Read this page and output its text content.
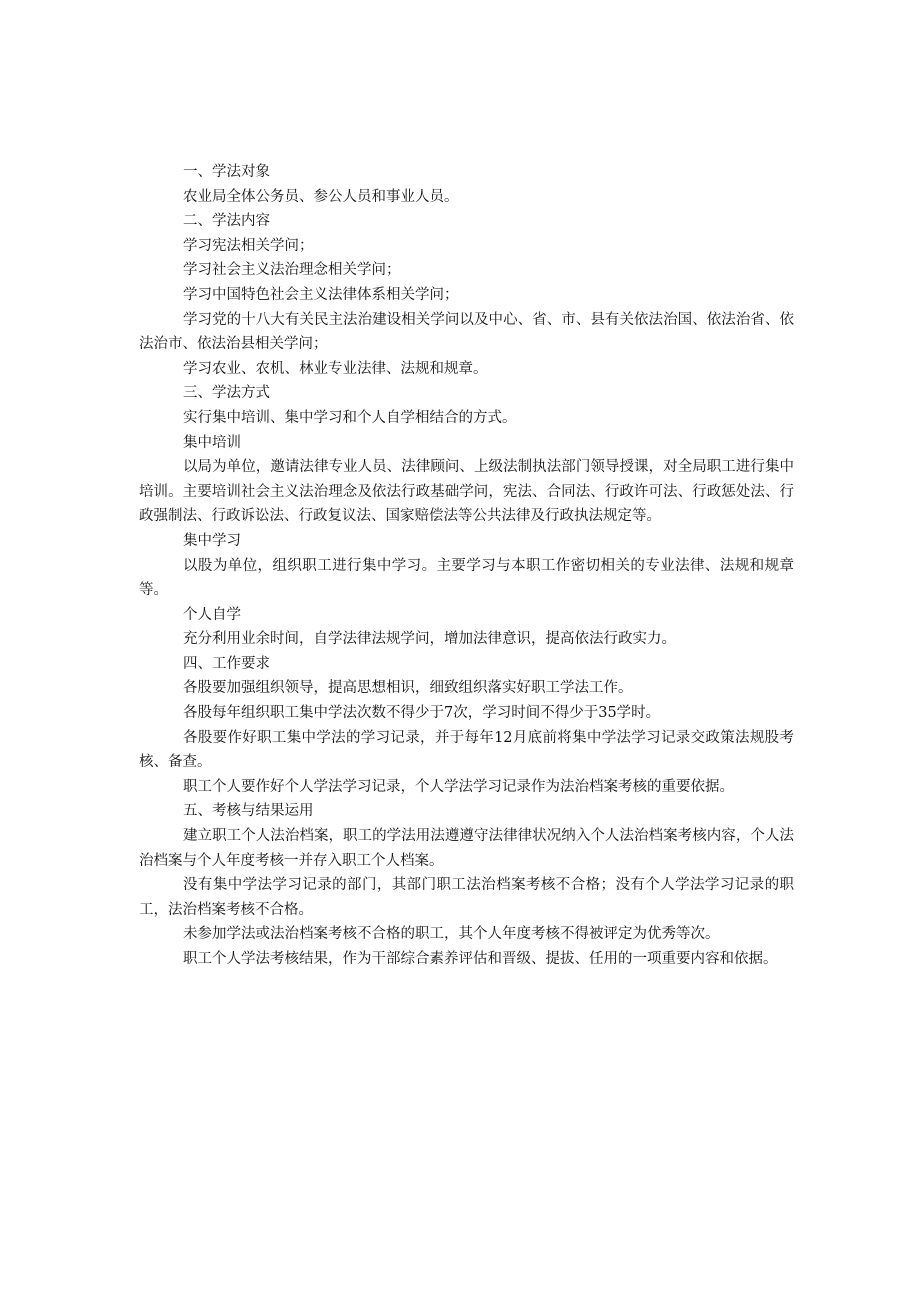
一、学法对象

农业局全体公务员、参公人员和事业人员。

二、学法内容

学习宪法相关学问；

学习社会主义法治理念相关学问；

学习中国特色社会主义法律体系相关学问；

学习党的十八大有关民主法治建设相关学问以及中心、省、市、县有关依法治国、依法治省、依法治市、依法治县相关学问；

学习农业、农机、林业专业法律、法规和规章。

三、学法方式

实行集中培训、集中学习和个人自学相结合的方式。

集中培训

以局为单位，邀请法律专业人员、法律顾问、上级法制执法部门领导授课，对全局职工进行集中培训。主要培训社会主义法治理念及依法行政基础学问，宪法、合同法、行政许可法、行政惩处法、行政强制法、行政诉讼法、行政复议法、国家赔偿法等公共法律及行政执法规定等。

集中学习

以股为单位，组织职工进行集中学习。主要学习与本职工作密切相关的专业法律、法规和规章等。

个人自学

充分利用业余时间，自学法律法规学问，增加法律意识，提高依法行政实力。

四、工作要求

各股要加强组织领导，提高思想相识，细致组织落实好职工学法工作。

各股每年组织职工集中学法次数不得少于7次，学习时间不得少于35学时。

各股要作好职工集中学法的学习记录，并于每年12月底前将集中学法学习记录交政策法规股考核、备查。

职工个人要作好个人学法学习记录，个人学法学习记录作为法治档案考核的重要依据。

五、考核与结果运用

建立职工个人法治档案，职工的学法用法遵遵守法律律状况纳入个人法治档案考核内容，个人法治档案与个人年度考核一并存入职工个人档案。

没有集中学法学习记录的部门，其部门职工法治档案考核不合格；没有个人学法学习记录的职工，法治档案考核不合格。

未参加学法或法治档案考核不合格的职工，其个人年度考核不得被评定为优秀等次。

职工个人学法考核结果，作为干部综合素养评估和晋级、提拔、任用的一项重要内容和依据。
